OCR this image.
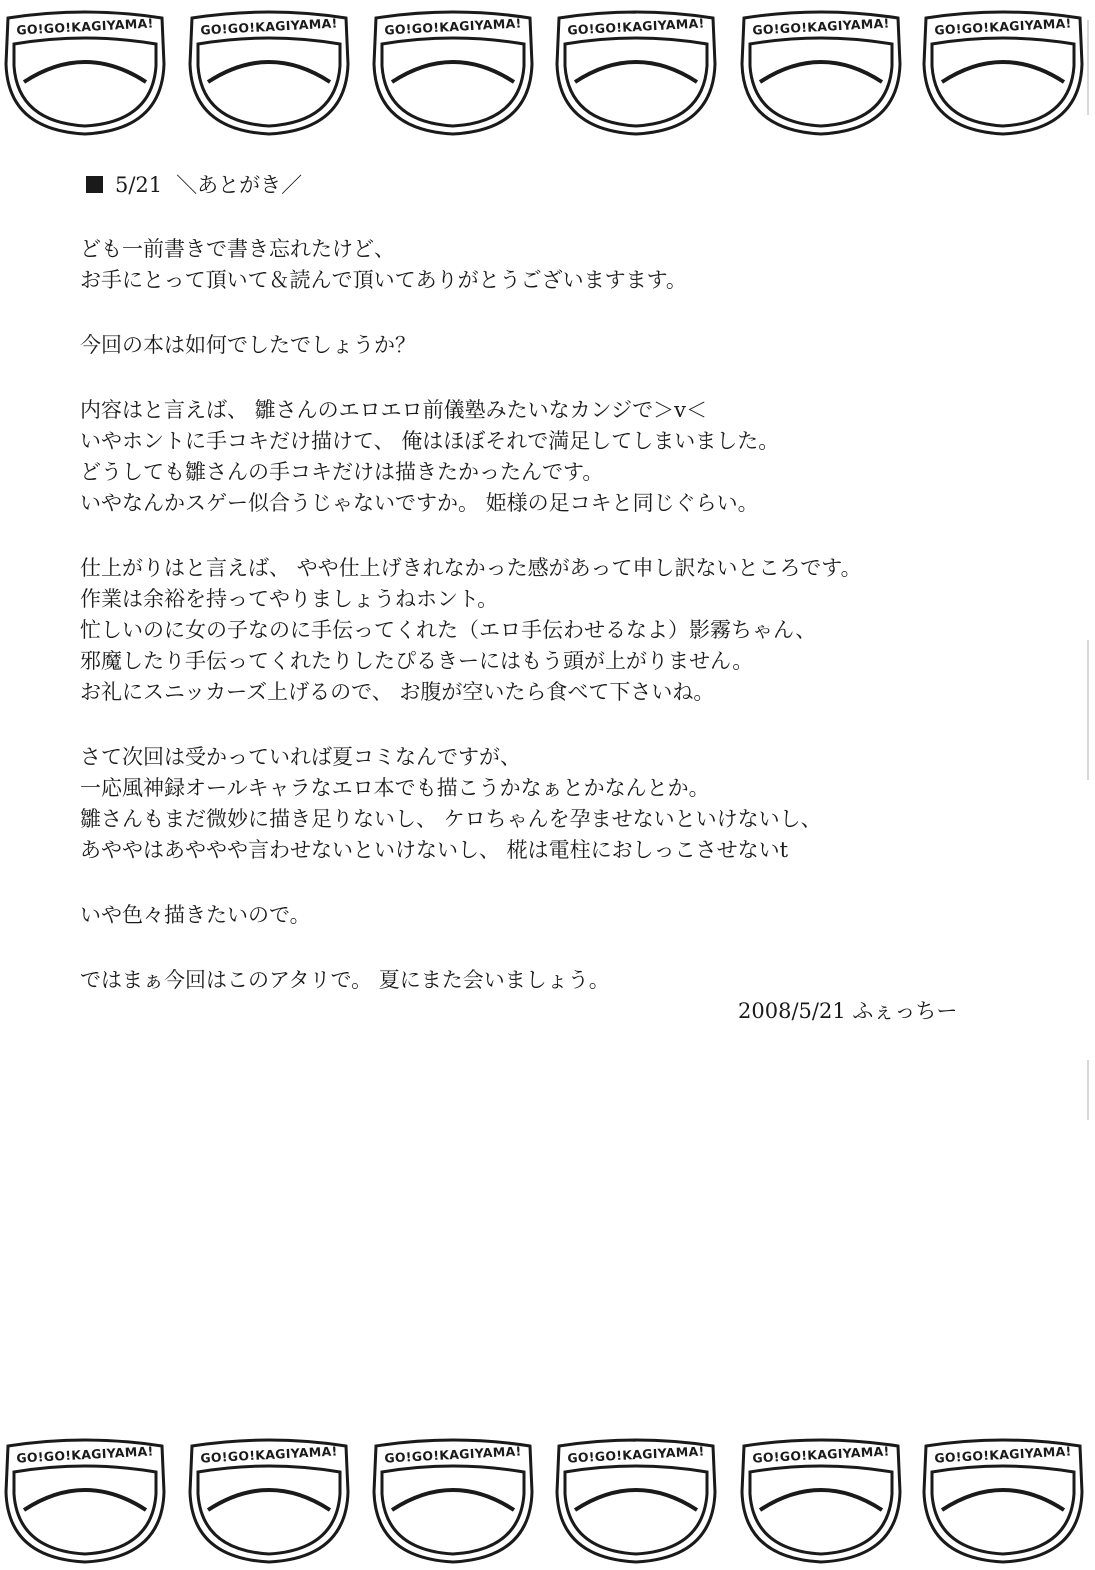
GO!GO!KAGIYAMA!	GO!GO!KAGIYAMA!	GO!GO!KAGIYAMA!	GO!GO!KAGIYAMA!	GO!GO!KAGIYAMA!	GO!GO!KAGIYAMA!
5/21 ＼あとがき／
ども一前書きで書き忘れたけど、
お手にとって頂いて＆読んで頂いてありがとうございますます。
今回の本は如何でしたでしょうか？
内容はと言えば、 雛さんのエロエロ前儀塾みたいなカンジで＞v＜
いやホントに手コキだけ描けて、 俺はほぼそれで満足してしまいました。
どうしても雛さんの手コキだけは描きたかったんです。
いやなんかスゲー似合うじゃないですか。 姫様の足コキと同じぐらい。
仕上がりはと言えば、 やや仕上げきれなかった感があって申し訳ないところです。
作業は余裕を持ってやりましょうねホント。
忙しいのに女の子なのに手伝ってくれた（エロ手伝わせるなよ）影霧ちゃん、
邪魔したり手伝ってくれたりしたぴるきーにはもう頭が上がりません。
お礼にスニッカーズ上げるので、 お腹が空いたら食べて下さいね。
さて次回は受かっていれば夏コミなんですが、
一応風神録オールキャラなエロ本でも描こうかなぁとかなんとか。
雛さんもまだ微妙に描き足りないし、 ケロちゃんを孕ませないといけないし、
あややはあややや言わせないといけないし、 椛は電柱におしっこさせないt
いや色々描きたいので。
ではまぁ今回はこのアタリで。 夏にまた会いましょう。
2008/5/21 ふぇっちー
GO!GO!KAGIYAMA!	GO!GO!KAGIYAMA!	GO!GO!KAGIYAMA!	GO!GO!KAGIYAMA!	GO!GO!KAGIYAMA!	GO!GO!KAGIYAMA!
